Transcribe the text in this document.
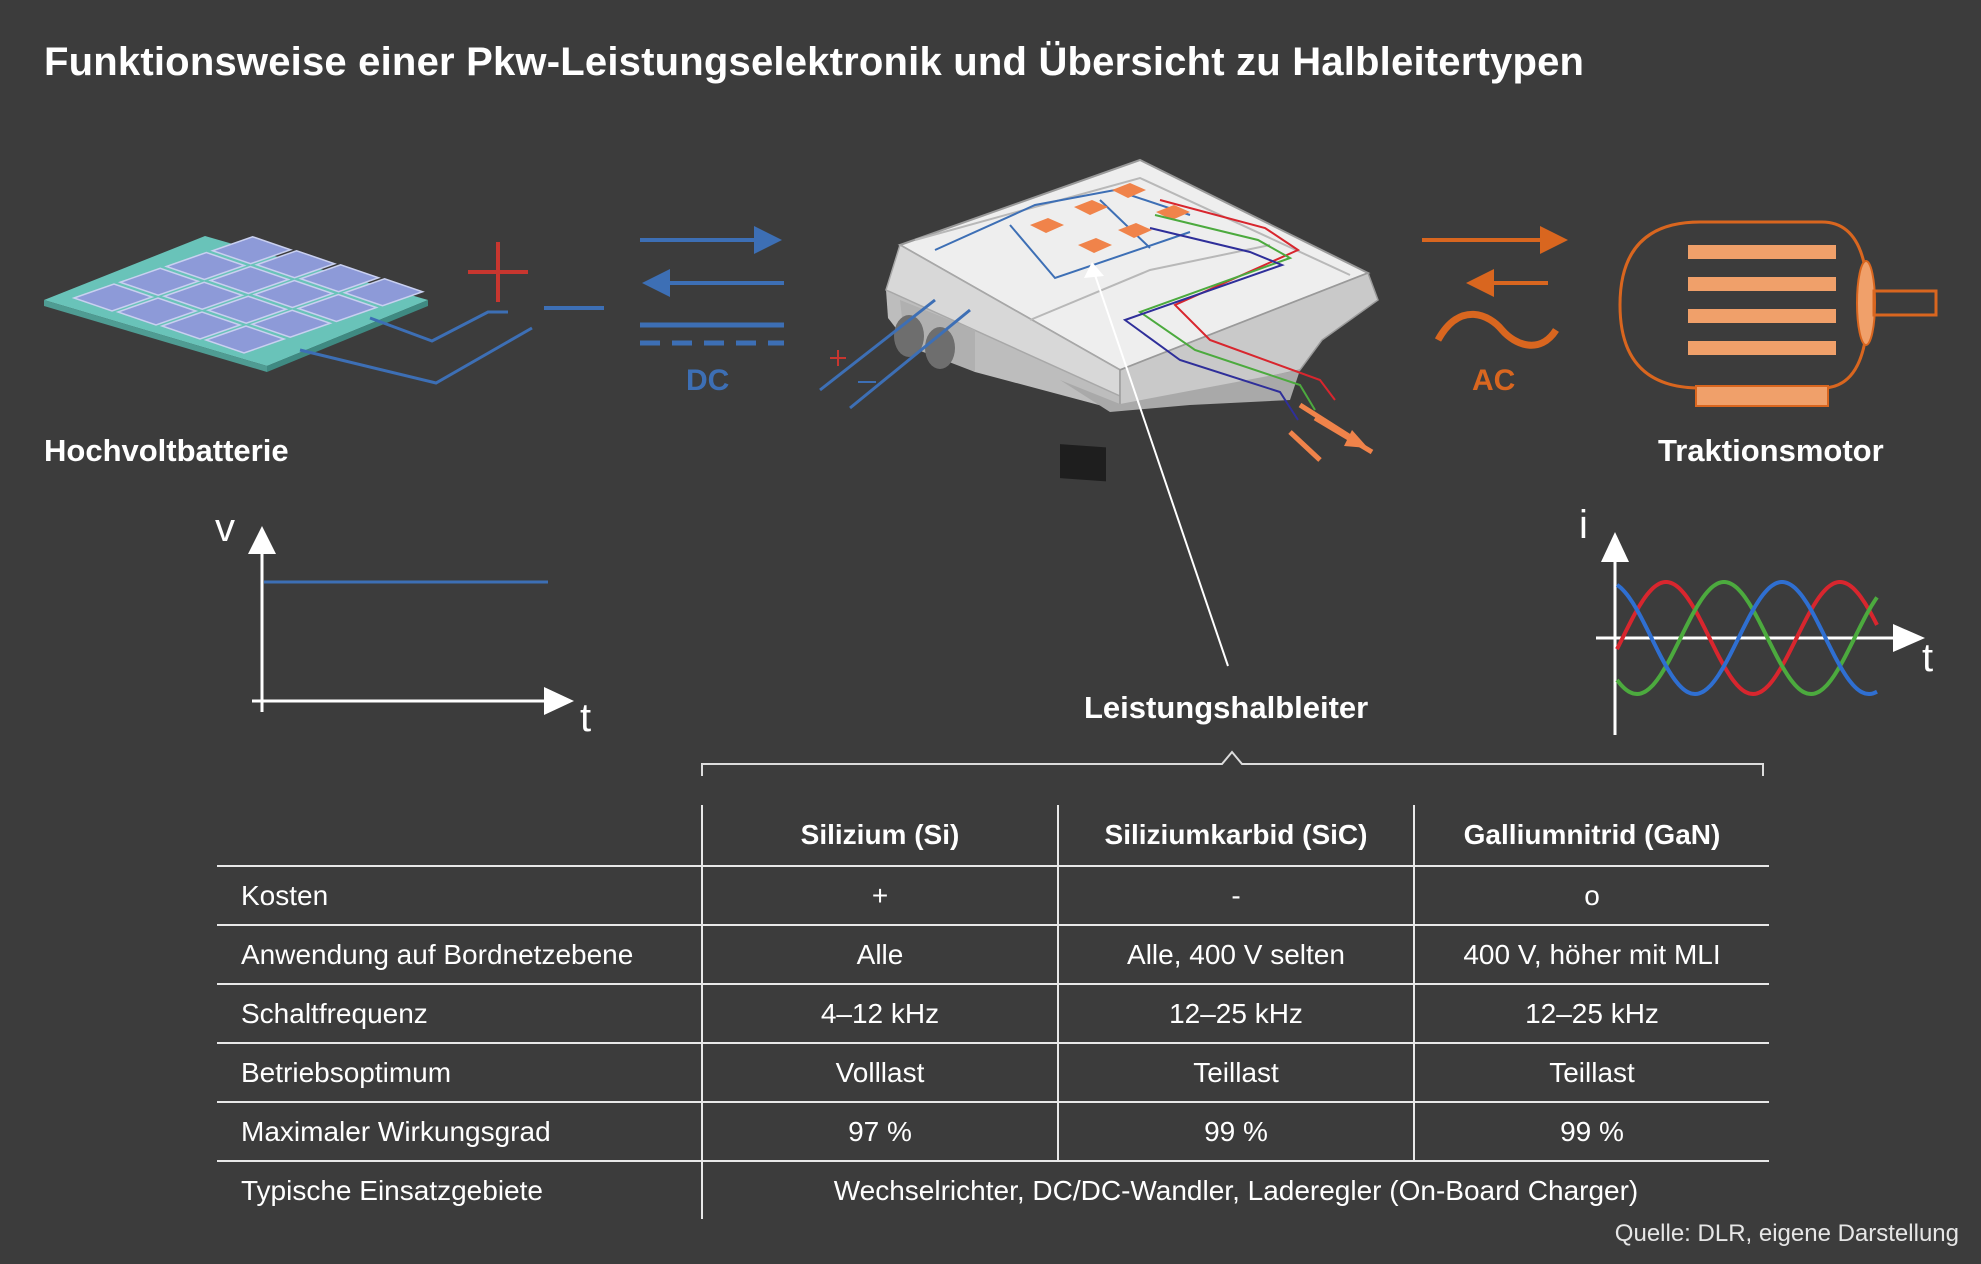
Funktionsweise einer Pkw-Leistungselektronik und Übersicht zu Halbleitertypen
Hochvoltbatterie	Traktionsmotor
Leistungshalbleiter
DC	AC
v
t
i
t
	Silizium (Si)	Siliziumkarbid (SiC)	Galliumnitrid (GaN)
Kosten	+	-	o
Anwendung auf Bordnetzebene	Alle	Alle, 400 V selten	400 V, höher mit MLI
Schaltfrequenz	4–12 kHz	12–25 kHz	12–25 kHz
Betriebsoptimum	Volllast	Teillast	Teillast
Maximaler Wirkungsgrad	97 %	99 %	99 %
Typische Einsatzgebiete	Wechselrichter, DC/DC-Wandler, Laderegler (On-Board Charger)		
Quelle: DLR, eigene Darstellung
